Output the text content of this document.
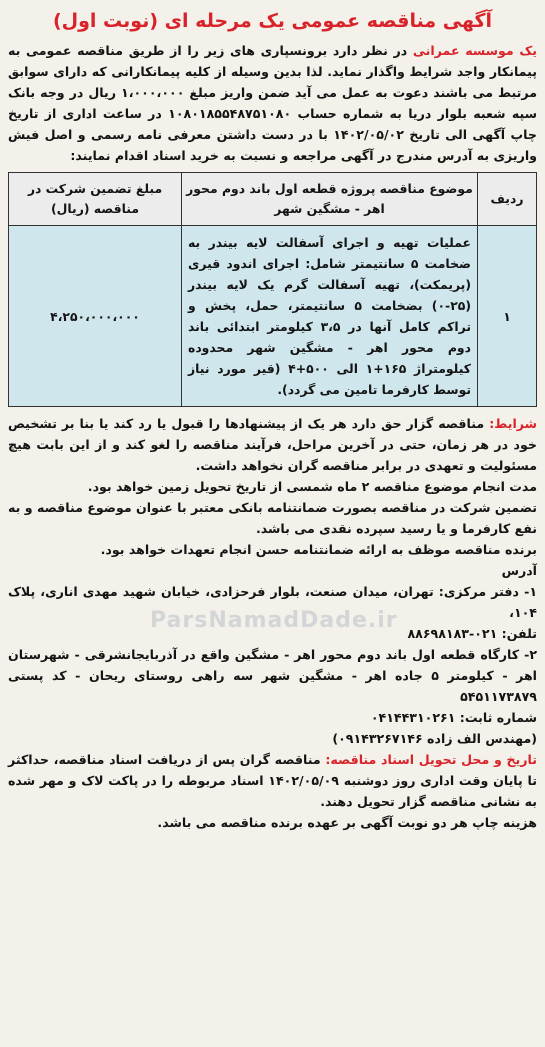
آگهی مناقصه عمومی یک مرحله ای (نوبت اول)

یک موسسه عمرانی در نظر دارد برونسپاری های زیر را از طریق مناقصه عمومی به پیمانکار واجد شرایط واگذار نماید. لذا بدین وسیله از کلیه پیمانکارانی که دارای سوابق مرتبط می باشند دعوت به عمل می آید ضمن واریز مبلغ ۱،۰۰۰،۰۰۰ ریال در وجه بانک سپه شعبه بلوار دریا به شماره حساب ۱۰۸۰۱۸۵۵۴۸۷۵۱۰۸۰ در ساعت اداری از تاریخ چاپ آگهی الی تاریخ ۱۴۰۲/۰۵/۰۲ با در دست داشتن معرفی نامه رسمی و اصل فیش واریزی به آدرس مندرج در آگهی مراجعه و نسبت به خرید اسناد اقدام نمایند:

ردیف	موضوع مناقصه پروژه قطعه اول باند دوم محور اهر - مشگین شهر	مبلغ تضمین شرکت در مناقصه (ریال)
۱	عملیات تهیه و اجرای آسفالت لایه بیندر به ضخامت ۵ سانتیمتر شامل: اجرای اندود قیری (پریمکت)، تهیه آسفالت گرم یک لایه بیندر (۲۵-۰) بضخامت ۵ سانتیمتر، حمل، پخش و تراکم کامل آنها در ۳،۵ کیلومتر ابتدائی باند دوم محور اهر - مشگین شهر محدوده کیلومتراژ ۱۶۵+۱ الی ۵۰۰+۴ (قیر مورد نیاز توسط کارفرما تامین می گردد).	۴،۲۵۰،۰۰۰،۰۰۰

شرایط: مناقصه گزار حق دارد هر یک از پیشنهادها را قبول یا رد کند یا بنا بر تشخیص خود در هر زمان، حتی در آخرین مراحل، فرآیند مناقصه را لغو کند و از این بابت هیچ مسئولیت و تعهدی در برابر مناقصه گران نخواهد داشت.

مدت انجام موضوع مناقصه ۲ ماه شمسی از تاریخ تحویل زمین خواهد بود.

تضمین شرکت در مناقصه بصورت ضمانتنامه بانکی معتبر با عنوان موضوع مناقصه و به نفع کارفرما و یا رسید سپرده نقدی می باشد.

برنده مناقصه موظف به ارائه ضمانتنامه حسن انجام تعهدات خواهد بود.

آدرس

۱- دفتر مرکزی: تهران، میدان صنعت، بلوار فرحزادی، خیابان شهید مهدی اناری، پلاک ۱۰۴،

تلفن: ۰۲۱-۸۸۶۹۸۱۸۳

۲- کارگاه قطعه اول باند دوم محور اهر - مشگین واقع در آذربایجانشرقی - شهرستان اهر - کیلومتر ۵ جاده اهر - مشگین شهر سه راهی روستای ریحان - کد پستی ۵۴۵۱۱۷۳۸۷۹

شماره ثابت: ۰۴۱۴۴۳۱۰۲۶۱

(مهندس الف زاده ۰۹۱۴۳۲۶۷۱۴۶)

تاریخ و محل تحویل اسناد مناقصه: مناقصه گران پس از دریافت اسناد مناقصه، حداکثر تا پایان وقت اداری روز دوشنبه ۱۴۰۲/۰۵/۰۹ اسناد مربوطه را در پاکت لاک و مهر شده به نشانی مناقصه گزار تحویل دهند.

هزینه چاپ هر دو نوبت آگهی بر عهده برنده مناقصه می باشد.

ParsNamadDade.ir
